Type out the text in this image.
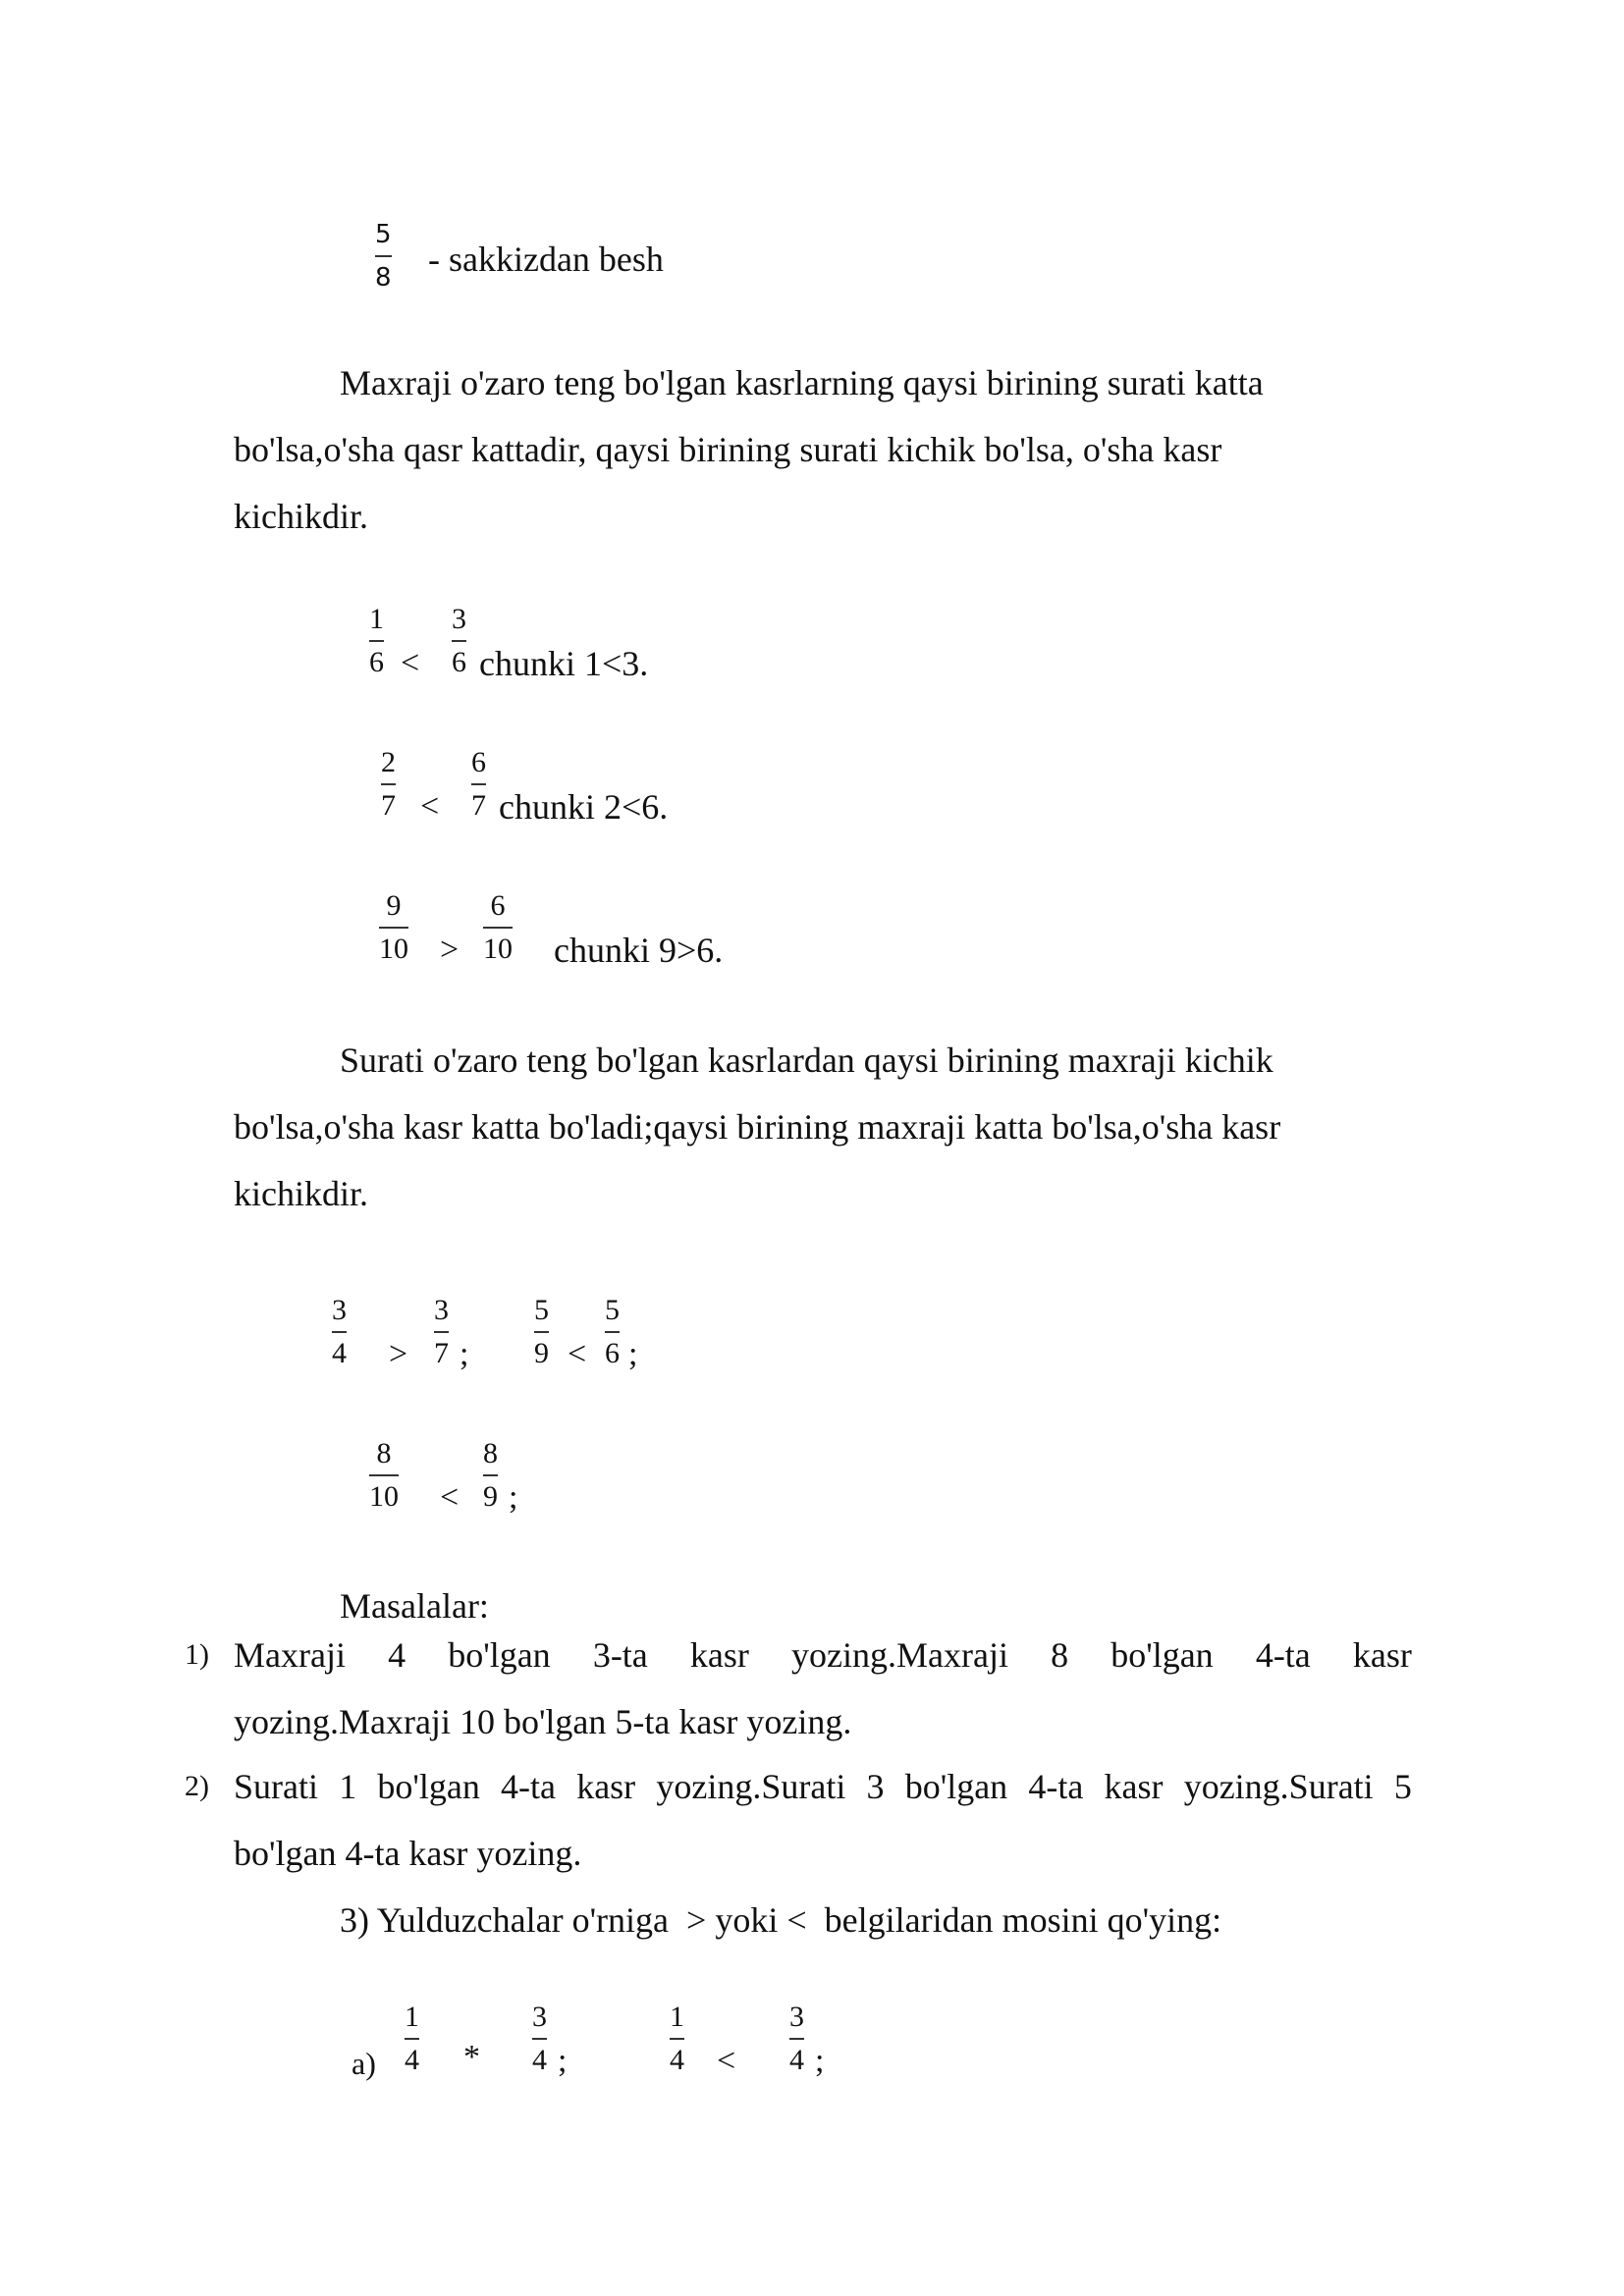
5
8 - sakkizdan besh
Maxraji o'zaro teng bo'lgan kasrlarning qaysi birining surati katta
bo'lsa,o'sha qasr kattadir, qaysi birining surati kichik bo'lsa, o'sha kasr
kichikdir.
1
6 <
3
6 chunki 1<3.
2
7 <
6
7 chunki 2<6.
9
10 >
6
10 chunki 9>6.
Surati o'zaro teng bo'lgan kasrlardan qaysi birining maxraji kichik
bo'lsa,o'sha kasr katta bo'ladi;qaysi birining maxraji katta bo'lsa,o'sha kasr
kichikdir.
3
4 >
3
7 ;
5
9 <
5
6 ;
8
10 <
8
9 ;
Masalalar:
1) Maxraji 4 bo'lgan 3-ta kasr yozing.Maxraji 8 bo'lgan 4-ta kasr
yozing.Maxraji 10 bo'lgan 5-ta kasr yozing.
2) Surati 1 bo'lgan 4-ta kasr yozing.Surati 3 bo'lgan 4-ta kasr yozing.Surati 5
bo'lgan 4-ta kasr yozing.
3) Yulduzchalar o'rniga  > yoki <  belgilaridan mosini qo'ying:
a)
1
4 *
3
4 ;
1
4 <
3
4 ;
